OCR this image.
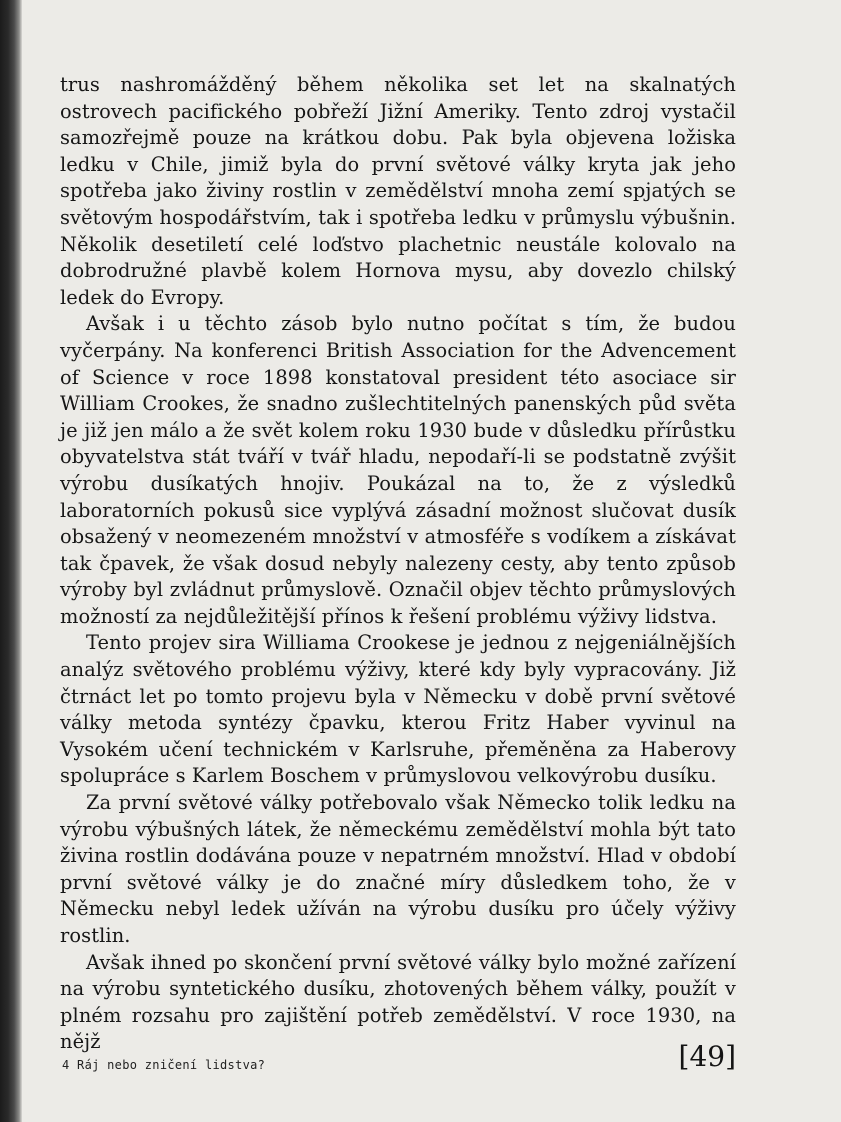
trus nashromážděný během několika set let na skalnatých ostrovech pacifického pobřeží Jižní Ameriky. Tento zdroj vystačil samozřejmě pouze na krátkou dobu. Pak byla objevena ložiska ledku v Chile, jimiž byla do první světové války kryta jak jeho spotřeba jako živiny rostlin v zemědělství mnoha zemí spjatých se světovým hospodářstvím, tak i spotřeba ledku v průmyslu výbušnin. Několik desetiletí celé loďstvo plachetnic neustále kolovalo na dobrodružné plavbě kolem Hornova mysu, aby dovezlo chilský ledek do Evropy.

Avšak i u těchto zásob bylo nutno počítat s tím, že budou vyčerpány. Na konferenci British Association for the Advencement of Science v roce 1898 konstatoval president této asociace sir William Crookes, že snadno zušlechtitelných panenských půd světa je již jen málo a že svět kolem roku 1930 bude v důsledku přírůstku obyvatelstva stát tváří v tvář hladu, nepodaří-li se podstatně zvýšit výrobu dusíkatých hnojiv. Poukázal na to, že z výsledků laboratorních pokusů sice vyplývá zásadní možnost slučovat dusík obsažený v neomezeném množství v atmosféře s vodíkem a získávat tak čpavek, že však dosud nebyly nalezeny cesty, aby tento způsob výroby byl zvládnut průmyslově. Označil objev těchto průmyslových možností za nejdůležitější přínos k řešení problému výživy lidstva.

Tento projev sira Williama Crookese je jednou z nejgeniálnějších analýz světového problému výživy, které kdy byly vypracovány. Již čtrnáct let po tomto projevu byla v Německu v době první světové války metoda syntézy čpavku, kterou Fritz Haber vyvinul na Vysokém učení technickém v Karlsruhe, přeměněna za Haberovy spolupráce s Karlem Boschem v průmyslovou velkovýrobu dusíku.

Za první světové války potřebovalo však Německo tolik ledku na výrobu výbušných látek, že německému zemědělství mohla být tato živina rostlin dodávána pouze v nepatrném množství. Hlad v období první světové války je do značné míry důsledkem toho, že v Německu nebyl ledek užíván na výrobu dusíku pro účely výživy rostlin.

Avšak ihned po skončení první světové války bylo možné zařízení na výrobu syntetického dusíku, zhotovených během války, použít v plném rozsahu pro zajištění potřeb zemědělství. V roce 1930, na nějž

4 Ráj nebo zničení lidstva?	[49]
